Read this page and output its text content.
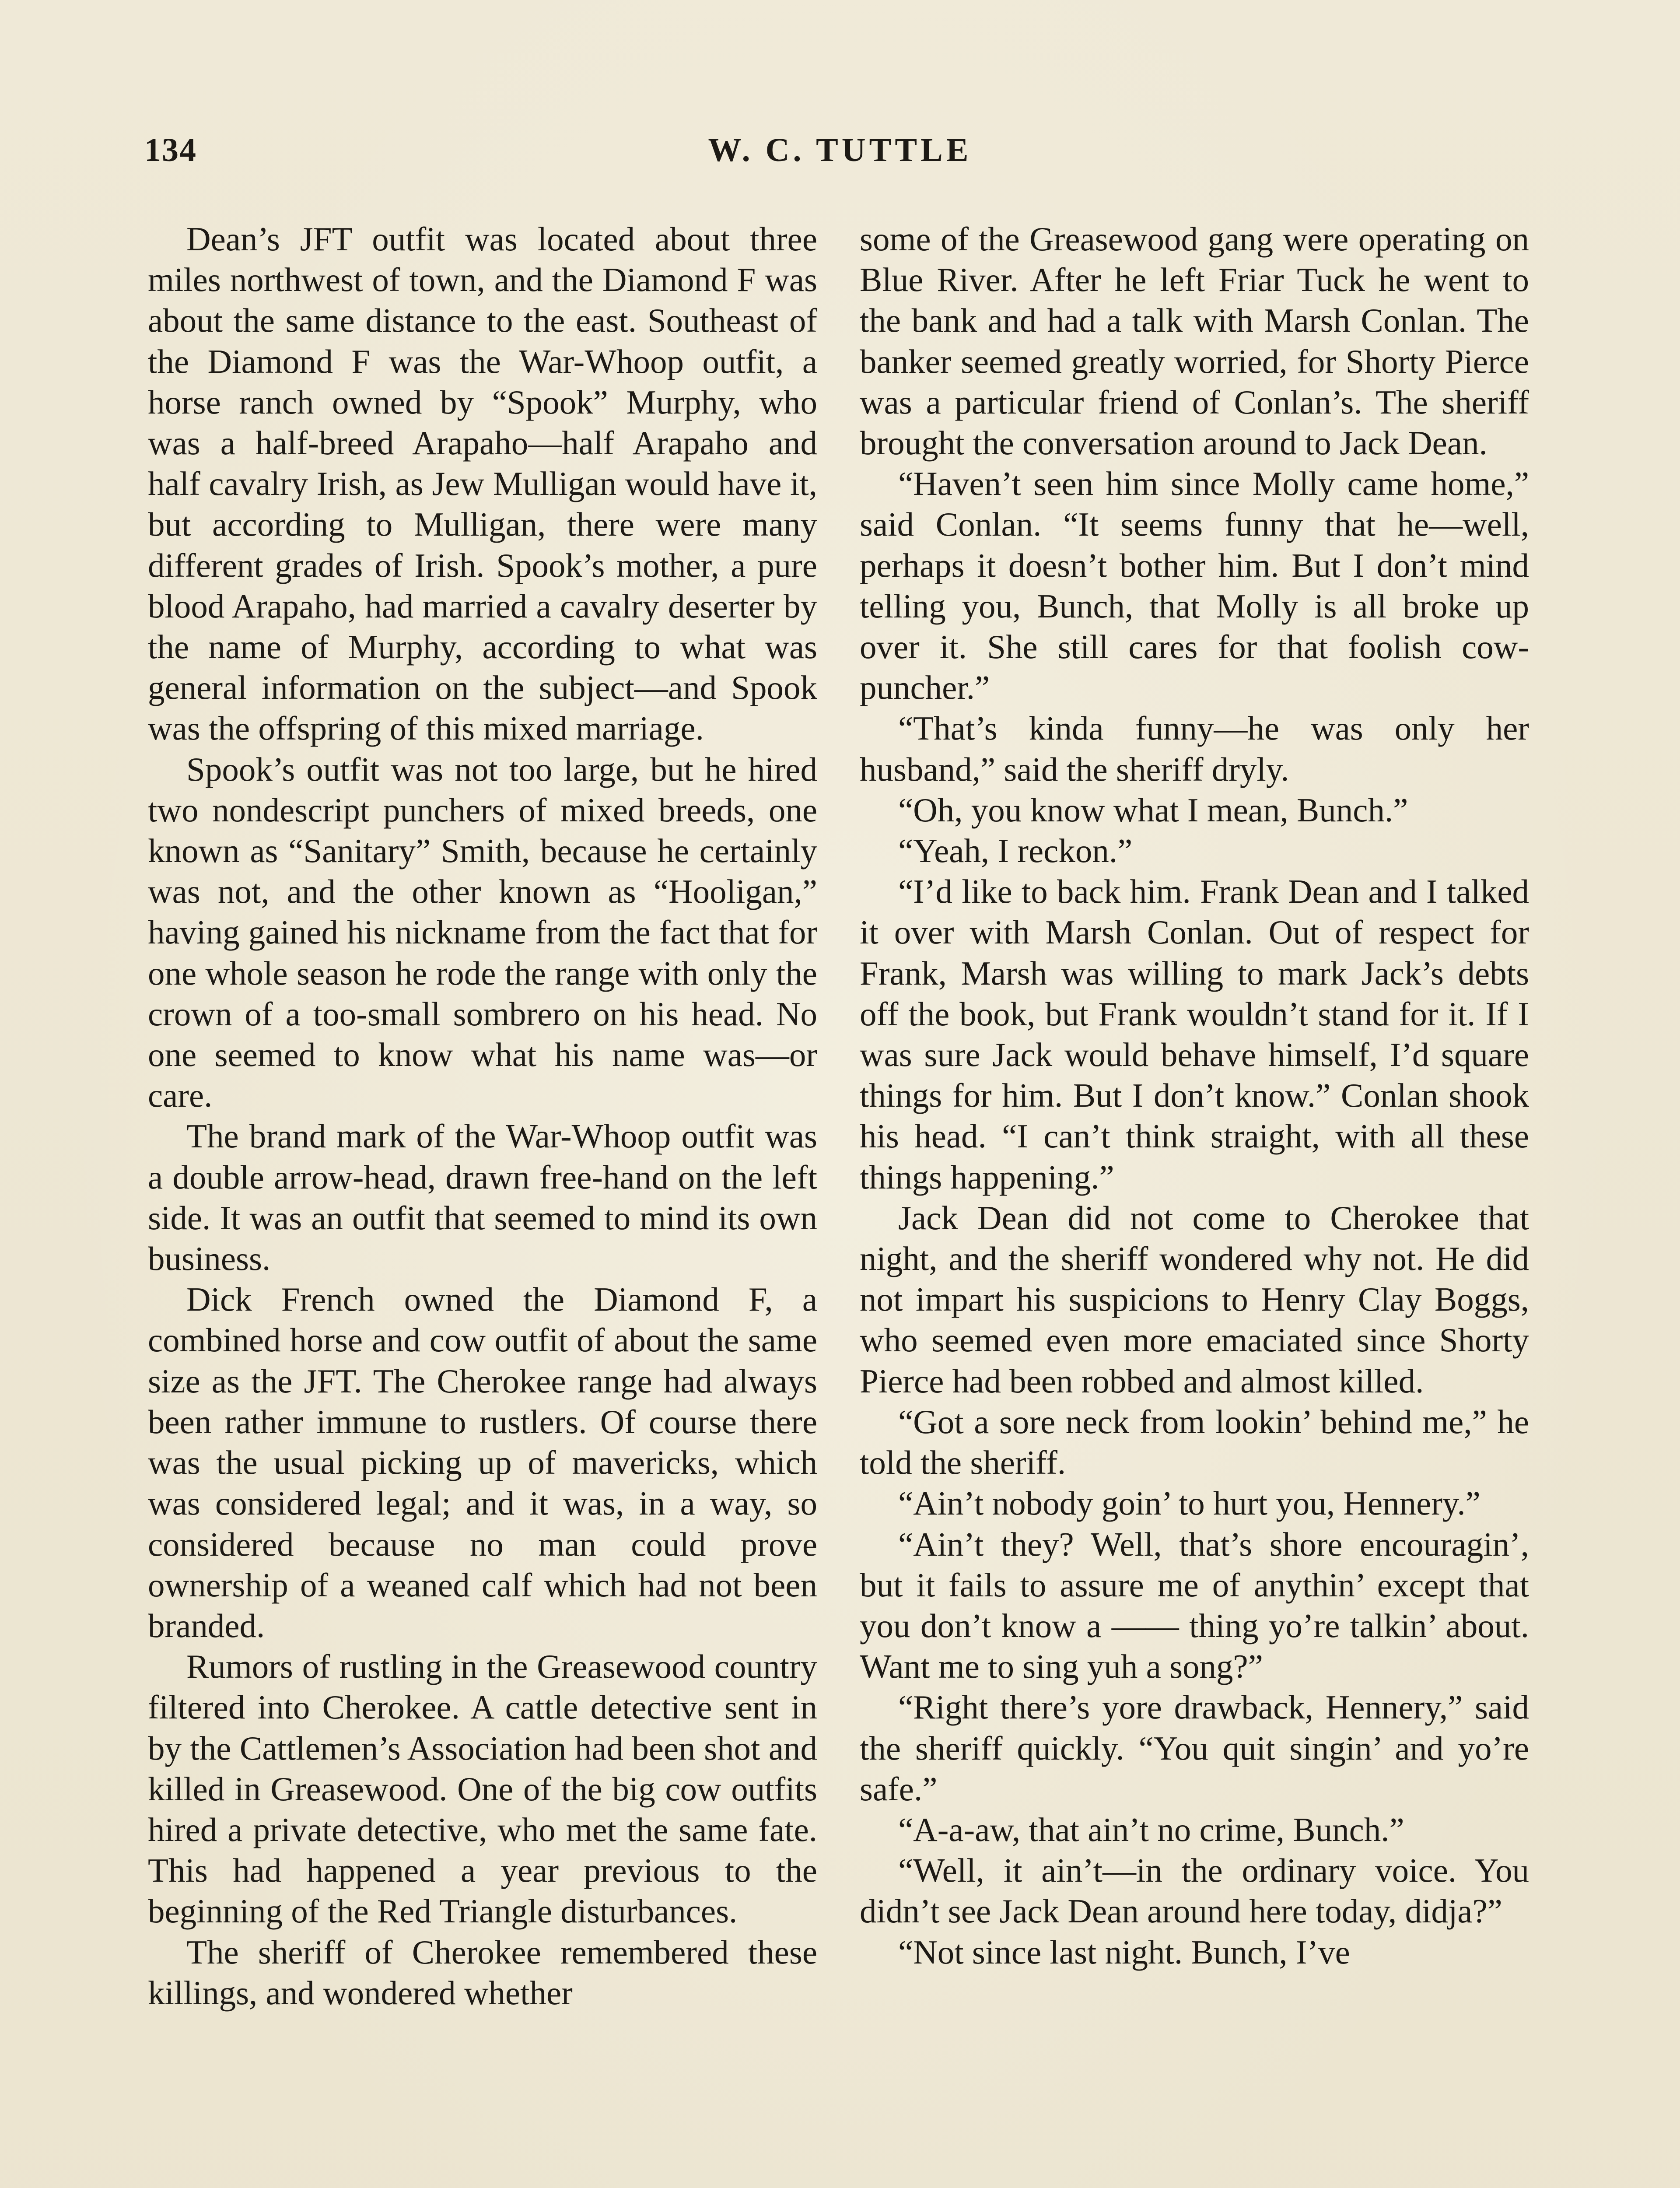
134	W. C. TUTTLE

Dean’s JFT outfit was located about three miles northwest of town, and the Diamond F was about the same distance to the east. Southeast of the Diamond F was the War-Whoop outfit, a horse ranch owned by “Spook” Murphy, who was a half-breed Arapaho—half Arapaho and half cavalry Irish, as Jew Mulligan would have it, but according to Mulligan, there were many different grades of Irish. Spook’s mother, a pure blood Arapaho, had married a cavalry deserter by the name of Murphy, according to what was general information on the subject—and Spook was the offspring of this mixed marriage.

Spook’s outfit was not too large, but he hired two nondescript punchers of mixed breeds, one known as “Sanitary” Smith, because he certainly was not, and the other known as “Hooligan,” having gained his nickname from the fact that for one whole season he rode the range with only the crown of a too-small sombrero on his head. No one seemed to know what his name was—or care.

The brand mark of the War-Whoop outfit was a double arrow-head, drawn free-hand on the left side. It was an outfit that seemed to mind its own business.

Dick French owned the Diamond F, a combined horse and cow outfit of about the same size as the JFT. The Cherokee range had always been rather immune to rustlers. Of course there was the usual picking up of mavericks, which was considered legal; and it was, in a way, so considered because no man could prove ownership of a weaned calf which had not been branded.

Rumors of rustling in the Greasewood country filtered into Cherokee. A cattle detective sent in by the Cattlemen’s Association had been shot and killed in Greasewood. One of the big cow outfits hired a private detective, who met the same fate. This had happened a year previous to the beginning of the Red Triangle disturbances.

The sheriff of Cherokee remembered these killings, and wondered whether

some of the Greasewood gang were operating on Blue River. After he left Friar Tuck he went to the bank and had a talk with Marsh Conlan. The banker seemed greatly worried, for Shorty Pierce was a particular friend of Conlan’s. The sheriff brought the conversation around to Jack Dean.

“Haven’t seen him since Molly came home,” said Conlan. “It seems funny that he—well, perhaps it doesn’t bother him. But I don’t mind telling you, Bunch, that Molly is all broke up over it. She still cares for that foolish cow-puncher.”

“That’s kinda funny—he was only her husband,” said the sheriff dryly.

“Oh, you know what I mean, Bunch.”

“Yeah, I reckon.”

“I’d like to back him. Frank Dean and I talked it over with Marsh Conlan. Out of respect for Frank, Marsh was willing to mark Jack’s debts off the book, but Frank wouldn’t stand for it. If I was sure Jack would behave himself, I’d square things for him. But I don’t know.” Conlan shook his head. “I can’t think straight, with all these things happening.”

Jack Dean did not come to Cherokee that night, and the sheriff wondered why not. He did not impart his suspicions to Henry Clay Boggs, who seemed even more emaciated since Shorty Pierce had been robbed and almost killed.

“Got a sore neck from lookin’ behind me,” he told the sheriff.

“Ain’t nobody goin’ to hurt you, Hennery.”

“Ain’t they? Well, that’s shore encouragin’, but it fails to assure me of anythin’ except that you don’t know a —— thing yo’re talkin’ about. Want me to sing yuh a song?”

“Right there’s yore drawback, Hennery,” said the sheriff quickly. “You quit singin’ and yo’re safe.”

“A-a-aw, that ain’t no crime, Bunch.”

“Well, it ain’t—in the ordinary voice. You didn’t see Jack Dean around here today, didja?”

“Not since last night. Bunch, I’ve
